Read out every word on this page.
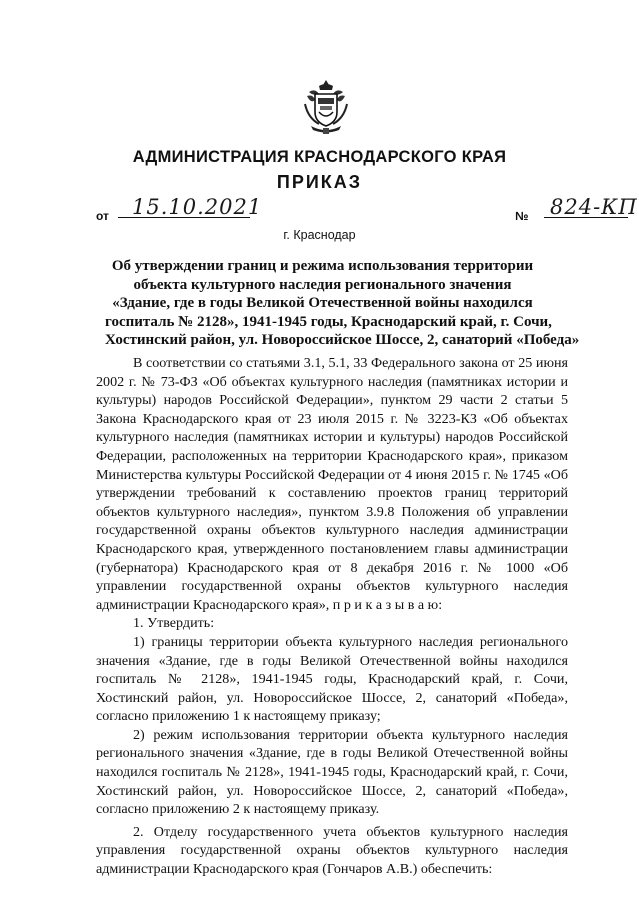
АДМИНИСТРАЦИЯ КРАСНОДАРСКОГО КРАЯ
ПРИКАЗ
от 15.10.2021
г. Краснодар
№ 824-КП
Об утверждении границ и режима использования территории
объекта культурного наследия регионального значения
«Здание, где в годы Великой Отечественной войны находился
госпиталь № 2128», 1941-1945 годы, Краснодарский край, г. Сочи,
Хостинский район, ул. Новороссийское Шоссе, 2, санаторий «Победа»

В соответствии со статьями 3.1, 5.1, 33 Федерального закона от 25 июня 2002 г. № 73-ФЗ «Об объектах культурного наследия (памятниках истории и культуры) народов Российской Федерации», пунктом 29 части 2 статьи 5 Закона Краснодарского края от 23 июля 2015 г. № 3223-КЗ «Об объектах культурного наследия (памятниках истории и культуры) народов Российской Федерации, расположенных на территории Краснодарского края», приказом Министерства культуры Российской Федерации от 4 июня 2015 г. № 1745 «Об утверждении требований к составлению проектов границ территорий объектов культурного наследия», пунктом 3.9.8 Положения об управлении государственной охраны объектов культурного наследия администрации Краснодарского края, утвержденного постановлением главы администрации (губернатора) Краснодарского края от 8 декабря 2016 г. № 1000 «Об управлении государственной охраны объектов культурного наследия администрации Краснодарского края», п р и к а з ы в а ю:

1. Утвердить:

1) границы территории объекта культурного наследия регионального значения «Здание, где в годы Великой Отечественной войны находился госпиталь № 2128», 1941-1945 годы, Краснодарский край, г. Сочи, Хостинский район, ул. Новороссийское Шоссе, 2, санаторий «Победа», согласно приложению 1 к настоящему приказу;

2) режим использования территории объекта культурного наследия регионального значения «Здание, где в годы Великой Отечественной войны находился госпиталь № 2128», 1941-1945 годы, Краснодарский край, г. Сочи, Хостинский район, ул. Новороссийское Шоссе, 2, санаторий «Победа», согласно приложению 2 к настоящему приказу.

2. Отделу государственного учета объектов культурного наследия управления государственной охраны объектов культурного наследия администрации Краснодарского края (Гончаров А.В.) обеспечить:
